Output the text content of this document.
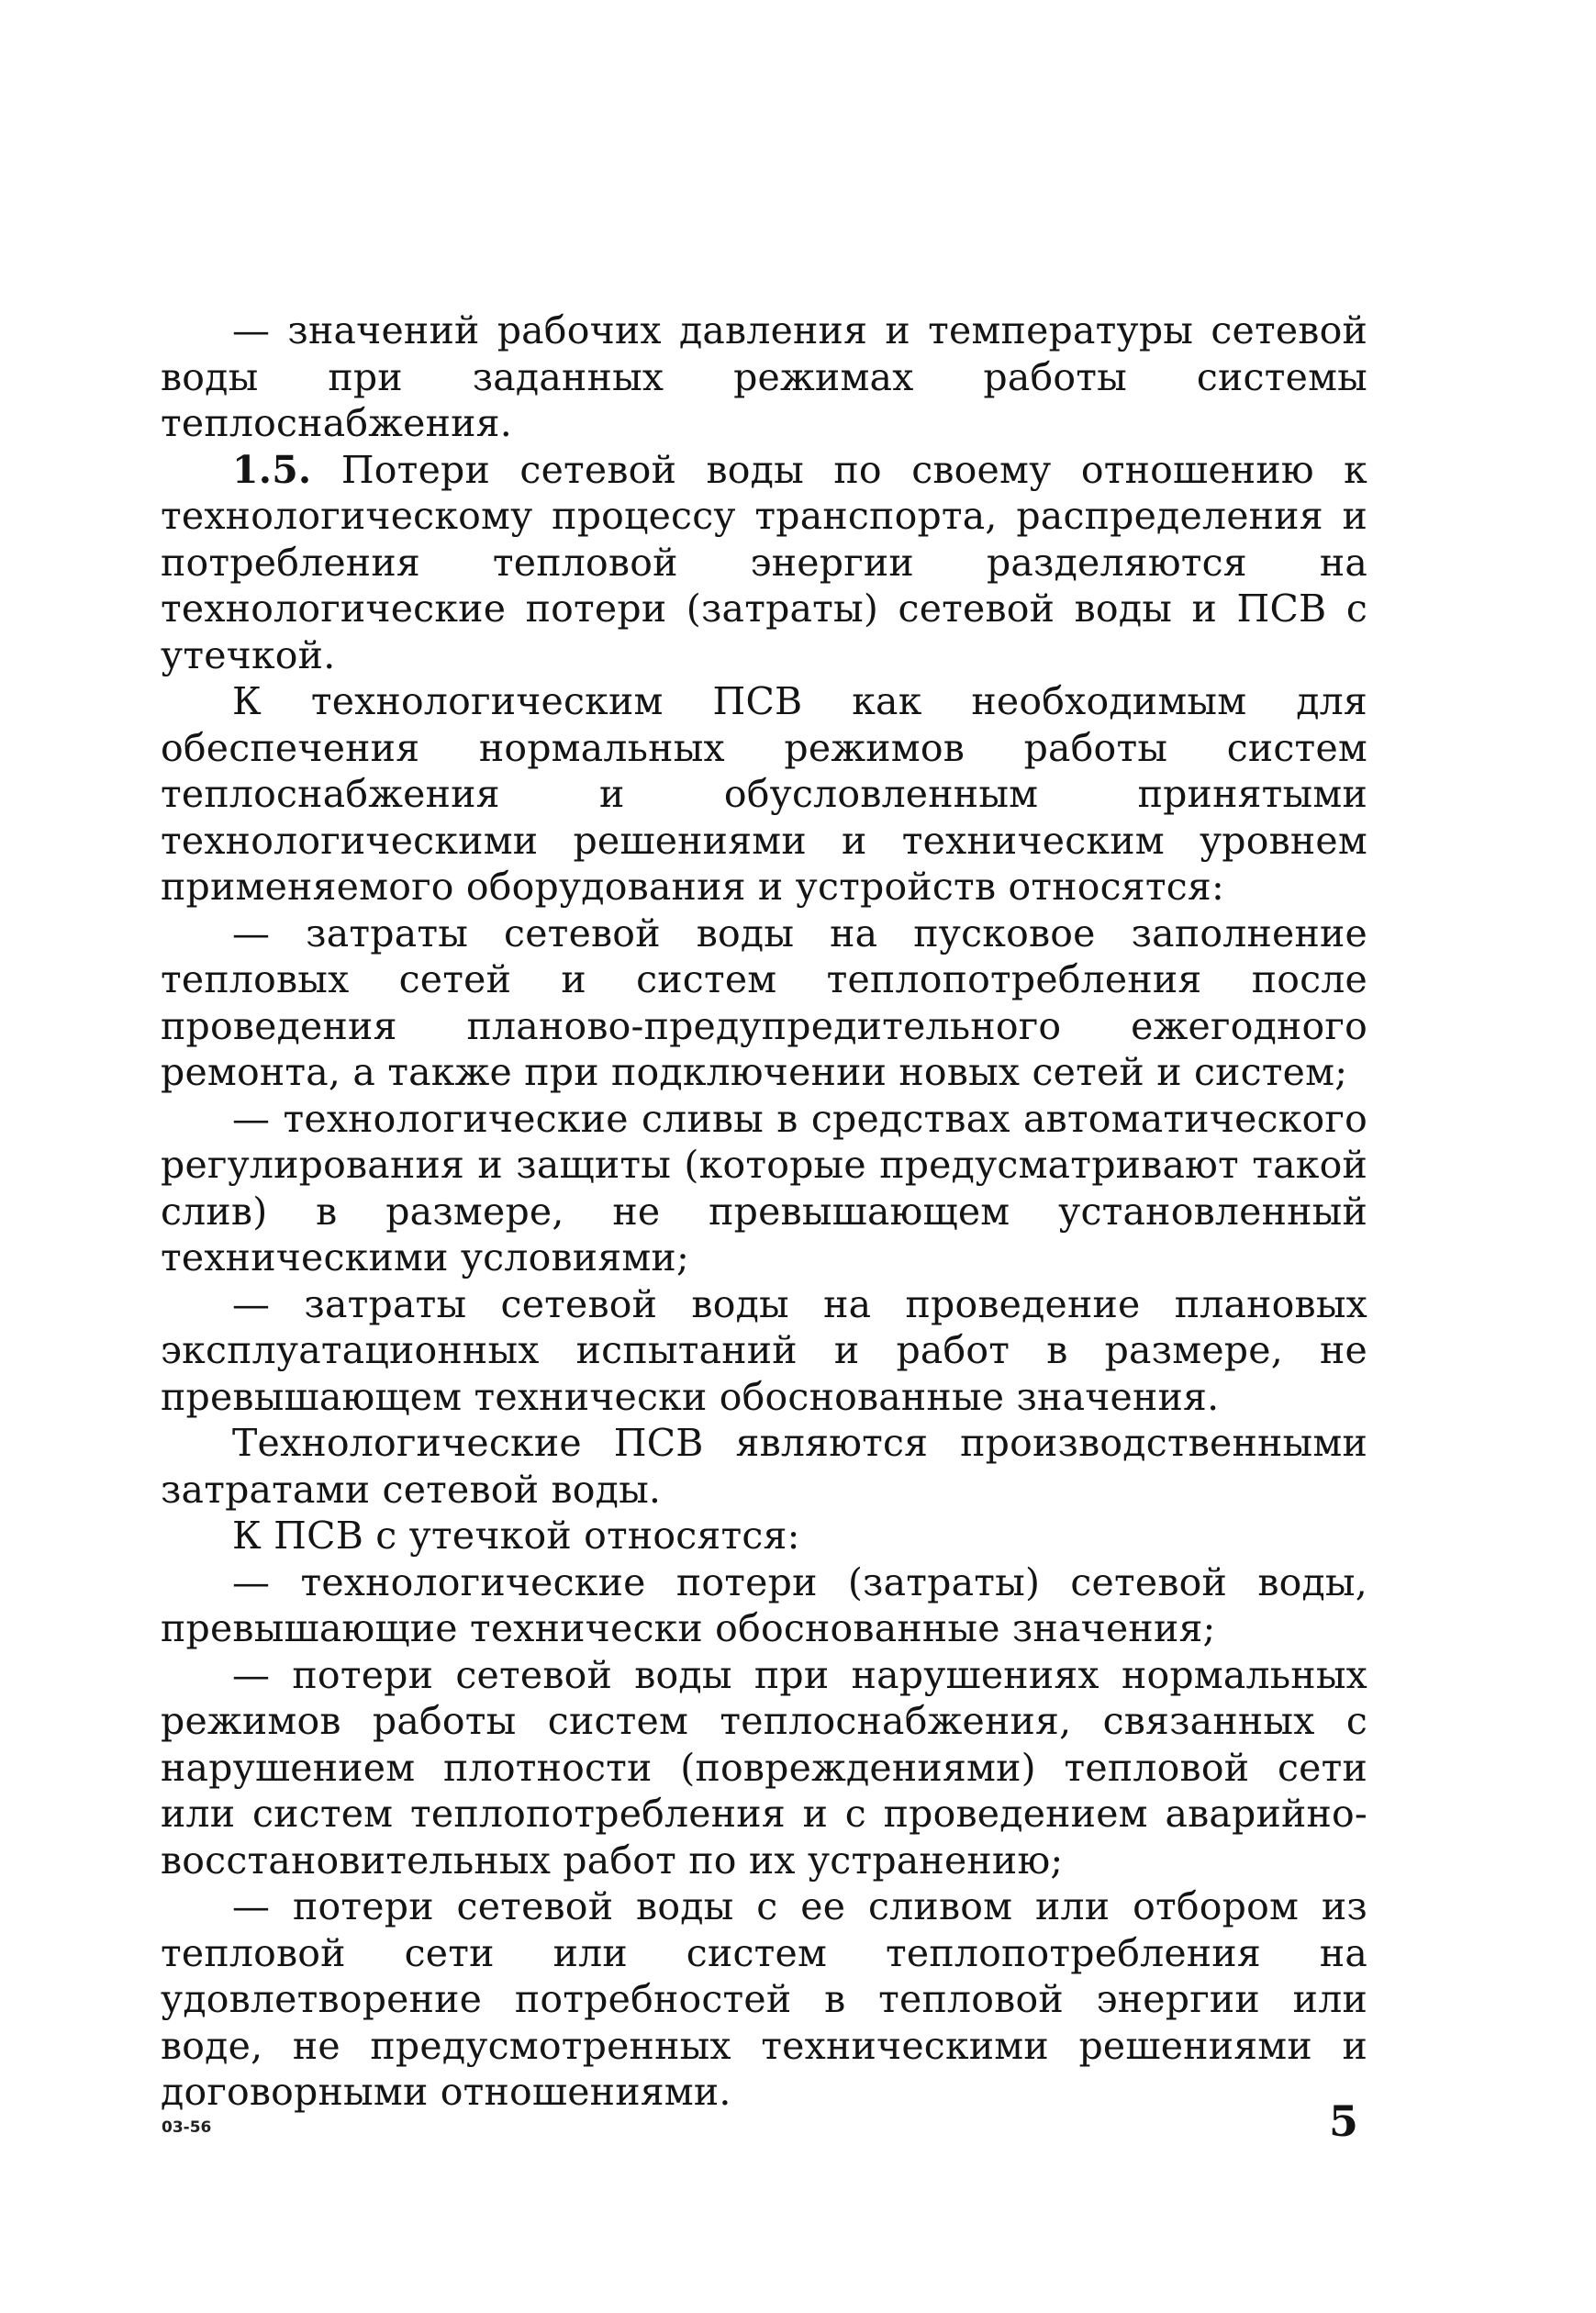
— значений рабочих давления и температуры сетевой воды при заданных режимах работы системы теплоснабжения.

1.5. Потери сетевой воды по своему отношению к технологическому процессу транспорта, распределения и потребления тепловой энергии разделяются на технологические потери (затраты) сетевой воды и ПСВ с утечкой.

К технологическим ПСВ как необходимым для обеспечения нормальных режимов работы систем теплоснабжения и обусловленным принятыми технологическими решениями и техническим уровнем применяемого оборудования и устройств относятся:

— затраты сетевой воды на пусковое заполнение тепловых сетей и систем теплопотребления после проведения планово-предупредительного ежегодного ремонта, а также при подключении новых сетей и систем;

— технологические сливы в средствах автоматического регулирования и защиты (которые предусматривают такой слив) в размере, не превышающем установленный техническими условиями;

— затраты сетевой воды на проведение плановых эксплуатационных испытаний и работ в размере, не превышающем технически обоснованные значения.

Технологические ПСВ являются производственными затратами сетевой воды.

К ПСВ с утечкой относятся:

— технологические потери (затраты) сетевой воды, превышающие технически обоснованные значения;

— потери сетевой воды при нарушениях нормальных режимов работы систем теплоснабжения, связанных с нарушением плотности (повреждениями) тепловой сети или систем теплопотребления и с проведением аварийно-восстановительных работ по их устранению;

— потери сетевой воды с ее сливом или отбором из тепловой сети или систем теплопотребления на удовлетворение потребностей в тепловой энергии или воде, не предусмотренных техническими решениями и договорными отношениями.

03-56	5
